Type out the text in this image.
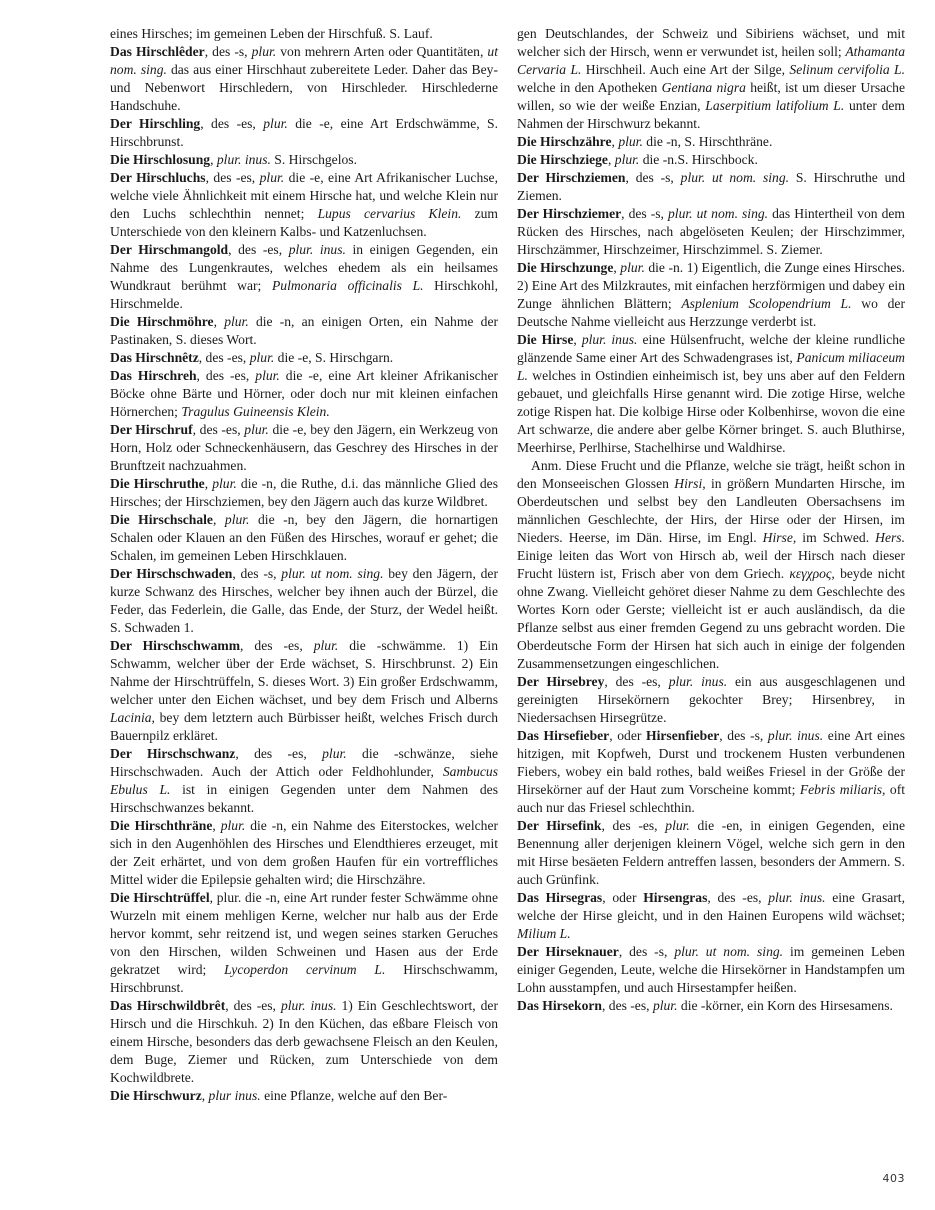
eines Hirsches; im gemeinen Leben der Hirschfuß. S. Lauf.

Das Hirschlêder, des -s, plur. von mehrern Arten oder Quantitäten, ut nom. sing. das aus einer Hirschhaut zubereitete Leder. Daher das Bey- und Nebenwort Hirschledern, von Hirschleder. Hirschlederne Handschuhe.

Der Hirschling, des -es, plur. die -e, eine Art Erdschwämme, S. Hirschbrunst.

Die Hirschlosung, plur. inus. S. Hirschgelos.

Der Hirschluchs, des -es, plur. die -e, eine Art Afrikanischer Luchse, welche viele Ähnlichkeit mit einem Hirsche hat, und welche Klein nur den Luchs schlechthin nennet; Lupus cervarius Klein. zum Unterschiede von den kleinern Kalbs- und Katzenluchsen.

Der Hirschmangold, des -es, plur. inus. in einigen Gegenden, ein Nahme des Lungenkrautes, welches ehedem als ein heilsames Wundkraut berühmt war; Pulmonaria officinalis L. Hirschkohl, Hirschmelde.

Die Hirschmöhre, plur. die -n, an einigen Orten, ein Nahme der Pastinaken, S. dieses Wort.

Das Hirschnêtz, des -es, plur. die -e, S. Hirschgarn.

Das Hirschreh, des -es, plur. die -e, eine Art kleiner Afrikanischer Böcke ohne Bärte und Hörner, oder doch nur mit kleinen einfachen Hörnerchen; Tragulus Guineensis Klein.

Der Hirschruf, des -es, plur. die -e, bey den Jägern, ein Werkzeug von Horn, Holz oder Schneckenhäusern, das Geschrey des Hirsches in der Brunftzeit nachzuahmen.

Die Hirschruthe, plur. die -n, die Ruthe, d.i. das männliche Glied des Hirsches; der Hirschziemen, bey den Jägern auch das kurze Wildbret.

Die Hirschschale, plur. die -n, bey den Jägern, die hornartigen Schalen oder Klauen an den Füßen des Hirsches, worauf er gehet; die Schalen, im gemeinen Leben Hirschklauen.

Der Hirschschwaden, des -s, plur. ut nom. sing. bey den Jägern, der kurze Schwanz des Hirsches, welcher bey ihnen auch der Bürzel, die Feder, das Federlein, die Galle, das Ende, der Sturz, der Wedel heißt. S. Schwaden 1.

Der Hirschschwamm, des -es, plur. die -schwämme. 1) Ein Schwamm, welcher über der Erde wächset, S. Hirschbrunst. 2) Ein Nahme der Hirschtrüffeln, S. dieses Wort. 3) Ein großer Erdschwamm, welcher unter den Eichen wächset, und bey dem Frisch und Alberns Lacinia, bey dem letztern auch Bürbisser heißt, welches Frisch durch Bauernpilz erkläret.

Der Hirschschwanz, des -es, plur. die -schwänze, siehe Hirschschwaden. Auch der Attich oder Feldhohlunder, Sambucus Ebulus L. ist in einigen Gegenden unter dem Nahmen des Hirschschwanzes bekannt.

Die Hirschthräne, plur. die -n, ein Nahme des Eiterstockes, welcher sich in den Augenhöhlen des Hirsches und Elendthieres erzeuget, mit der Zeit erhärtet, und von dem großen Haufen für ein vortreffliches Mittel wider die Epilepsie gehalten wird; die Hirschzähre.

Die Hirschtrüffel, plur. die -n, eine Art runder fester Schwämme ohne Wurzeln mit einem mehligen Kerne, welcher nur halb aus der Erde hervor kommt, sehr reitzend ist, und wegen seines starken Geruches von den Hirschen, wilden Schweinen und Hasen aus der Erde gekratzet wird; Lycoperdon cervinum L. Hirschschwamm, Hirschbrunst.

Das Hirschwildbrêt, des -es, plur. inus. 1) Ein Geschlechtswort, der Hirsch und die Hirschkuh. 2) In den Küchen, das eßbare Fleisch von einem Hirsche, besonders das derb gewachsene Fleisch an den Keulen, dem Buge, Ziemer und Rücken, zum Unterschiede von dem Kochwildbrete.

Die Hirschwurz, plur inus. eine Pflanze, welche auf den Ber-

gen Deutschlandes, der Schweiz und Sibiriens wächset, und mit welcher sich der Hirsch, wenn er verwundet ist, heilen soll; Athamanta Cervaria L. Hirschheil. Auch eine Art der Silge, Selinum cervifolia L. welche in den Apotheken Gentiana nigra heißt, ist um dieser Ursache willen, so wie der weiße Enzian, Laserpitium latifolium L. unter dem Nahmen der Hirschwurz bekannt.

Die Hirschzähre, plur. die -n, S. Hirschthräne.

Die Hirschziege, plur. die -n.S. Hirschbock.

Der Hirschziemen, des -s, plur. ut nom. sing. S. Hirschruthe und Ziemen.

Der Hirschziemer, des -s, plur. ut nom. sing. das Hintertheil von dem Rücken des Hirsches, nach abgelöseten Keulen; der Hirschzimmer, Hirschzämmer, Hirschzeimer, Hirschzimmel. S. Ziemer.

Die Hirschzunge, plur. die -n. 1) Eigentlich, die Zunge eines Hirsches. 2) Eine Art des Milzkrautes, mit einfachen herzförmigen und dabey ein Zunge ähnlichen Blättern; Asplenium Scolopendrium L. wo der Deutsche Nahme vielleicht aus Herzzunge verderbt ist.

Die Hirse, plur. inus. eine Hülsenfrucht, welche der kleine rundliche glänzende Same einer Art des Schwadengrases ist, Panicum miliaceum L. welches in Ostindien einheimisch ist, bey uns aber auf den Feldern gebauet, und gleichfalls Hirse genannt wird. Die zotige Hirse, welche zotige Rispen hat. Die kolbige Hirse oder Kolbenhirse, wovon die eine Art schwarze, die andere aber gelbe Körner bringet. S. auch Bluthirse, Meerhirse, Perlhirse, Stachelhirse und Waldhirse.

Anm. Diese Frucht und die Pflanze, welche sie trägt, heißt schon in den Monseeischen Glossen Hirsi, in größern Mundarten Hirsche, im Oberdeutschen und selbst bey den Landleuten Obersachsens im männlichen Geschlechte, der Hirs, der Hirse oder der Hirsen, im Nieders. Heerse, im Dän. Hirse, im Engl. Hirse, im Schwed. Hers. Einige leiten das Wort von Hirsch ab, weil der Hirsch nach dieser Frucht lüstern ist, Frisch aber von dem Griech. κεγχρος, beyde nicht ohne Zwang. Vielleicht gehöret dieser Nahme zu dem Geschlechte des Wortes Korn oder Gerste; vielleicht ist er auch ausländisch, da die Pflanze selbst aus einer fremden Gegend zu uns gebracht worden. Die Oberdeutsche Form der Hirsen hat sich auch in einige der folgenden Zusammensetzungen eingeschlichen.

Der Hirsebrey, des -es, plur. inus. ein aus ausgeschlagenen und gereinigten Hirsekörnern gekochter Brey; Hirsenbrey, in Niedersachsen Hirsegrütze.

Das Hirsefieber, oder Hirsenfieber, des -s, plur. inus. eine Art eines hitzigen, mit Kopfweh, Durst und trockenem Husten verbundenen Fiebers, wobey ein bald rothes, bald weißes Friesel in der Größe der Hirsekörner auf der Haut zum Vorscheine kommt; Febris miliaris, oft auch nur das Friesel schlechthin.

Der Hirsefink, des -es, plur. die -en, in einigen Gegenden, eine Benennung aller derjenigen kleinern Vögel, welche sich gern in den mit Hirse besäeten Feldern antreffen lassen, besonders der Ammern. S. auch Grünfink.

Das Hirsegras, oder Hirsengras, des -es, plur. inus. eine Grasart, welche der Hirse gleicht, und in den Hainen Europens wild wächset; Milium L.

Der Hirseknauer, des -s, plur. ut nom. sing. im gemeinen Leben einiger Gegenden, Leute, welche die Hirsekörner in Handstampfen um Lohn ausstampfen, und auch Hirsestampfer heißen.

Das Hirsekorn, des -es, plur. die -körner, ein Korn des Hirsesamens.

403
